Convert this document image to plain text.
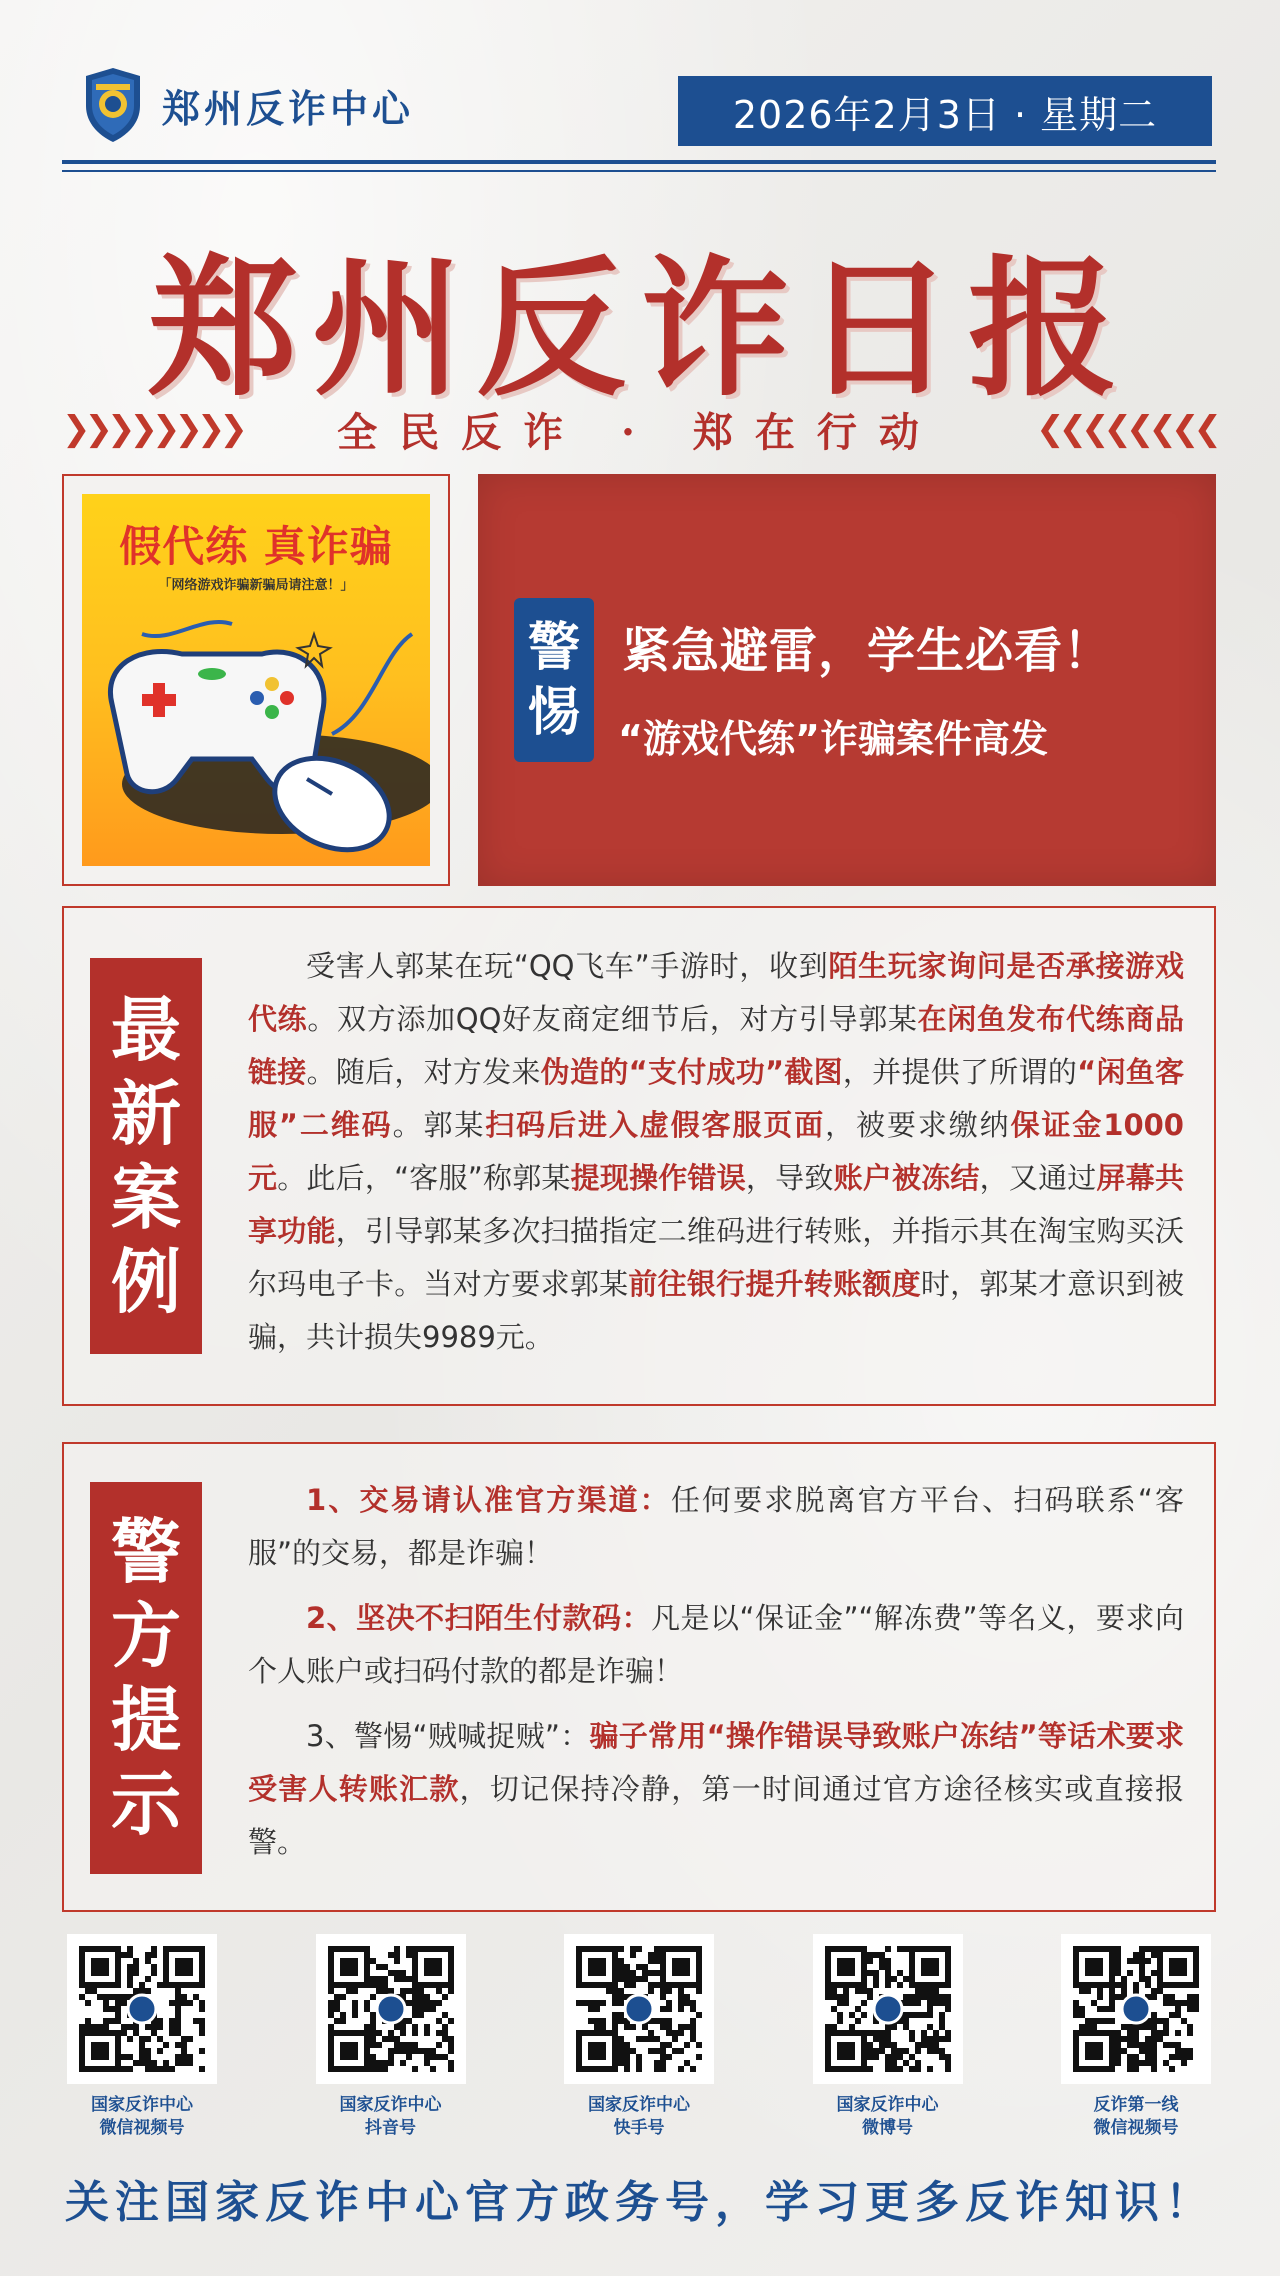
郑州反诈中心	2026年2月3日 · 星期二
郑州反诈日报
❯❯❯❯❯❯❯❯ 全民反诈 · 郑在行动	❮❮❮❮❮❮❮❮
假代练 真诈骗
「网络游戏诈骗新骗局请注意！」
警
惕
紧急避雷，学生必看！
“游戏代练”诈骗案件高发
最
新
案
例

受害人郭某在玩“QQ飞车”手游时，收到陌生玩家询问是否承接游戏代练。双方添加QQ好友商定细节后，对方引导郭某在闲鱼发布代练商品链接。随后，对方发来伪造的“支付成功”截图，并提供了所谓的“闲鱼客服”二维码。郭某扫码后进入虚假客服页面，被要求缴纳保证金1000元。此后，“客服”称郭某提现操作错误，导致账户被冻结，又通过屏幕共享功能，引导郭某多次扫描指定二维码进行转账，并指示其在淘宝购买沃尔玛电子卡。当对方要求郭某前往银行提升转账额度时，郭某才意识到被骗，共计损失9989元。

警
方
提
示

1、交易请认准官方渠道：任何要求脱离官方平台、扫码联系“客服”的交易，都是诈骗！

2、坚决不扫陌生付款码：凡是以“保证金”“解冻费”等名义，要求向个人账户或扫码付款的都是诈骗！

3、警惕“贼喊捉贼”：骗子常用“操作错误导致账户冻结”等话术要求受害人转账汇款，切记保持冷静，第一时间通过官方途径核实或直接报警。

国家反诈中心
微信视频号
国家反诈中心
抖音号
国家反诈中心
快手号
国家反诈中心
微博号
反诈第一线
微信视频号
关注国家反诈中心官方政务号，学习更多反诈知识！
